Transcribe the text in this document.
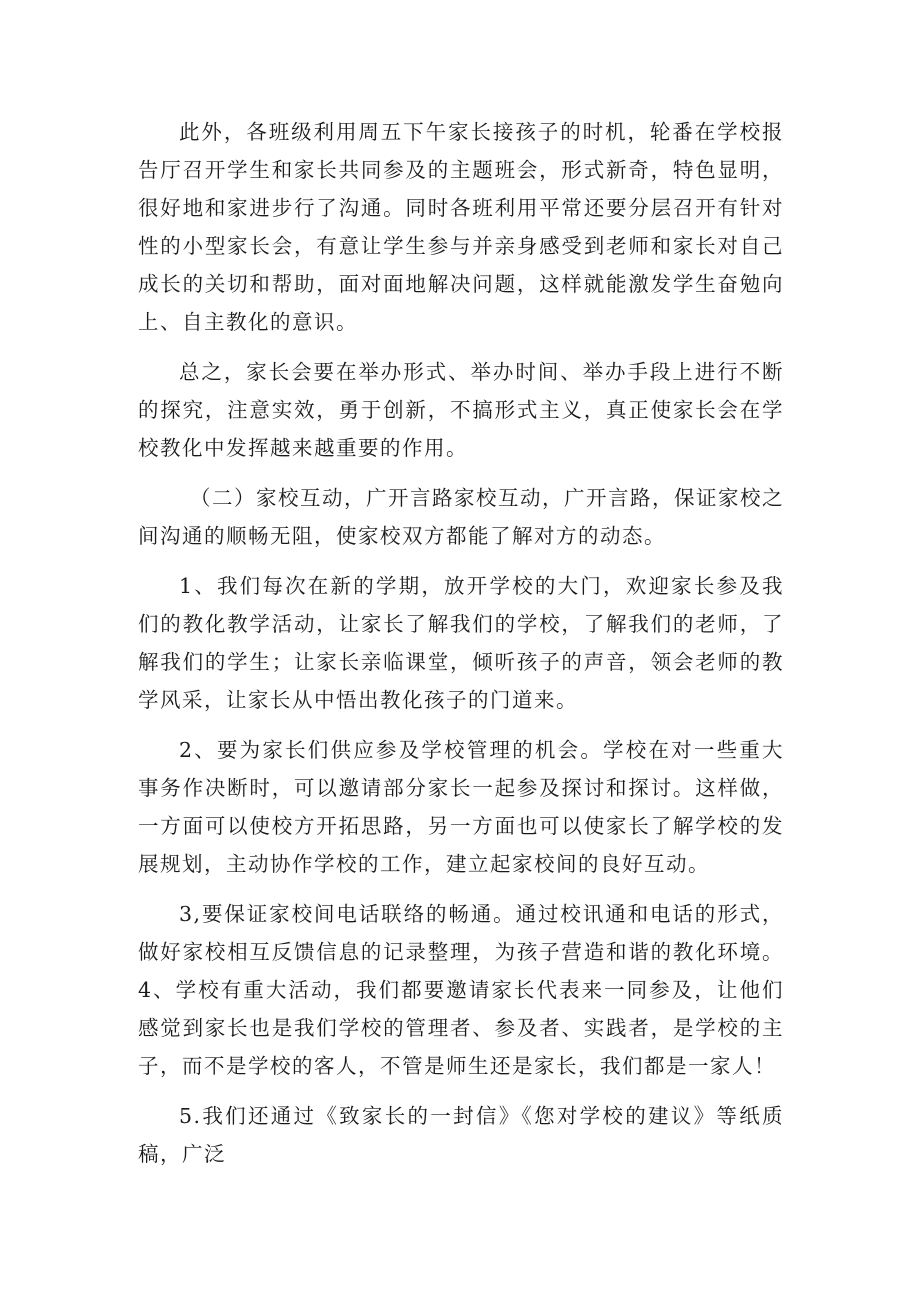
此外，各班级利用周五下午家长接孩子的时机，轮番在学校报告厅召开学生和家长共同参及的主题班会，形式新奇，特色显明，很好地和家进步行了沟通。同时各班利用平常还要分层召开有针对性的小型家长会，有意让学生参与并亲身感受到老师和家长对自己成长的关切和帮助，面对面地解决问题，这样就能激发学生奋勉向上、自主教化的意识。

总之，家长会要在举办形式、举办时间、举办手段上进行不断的探究，注意实效，勇于创新，不搞形式主义，真正使家长会在学校教化中发挥越来越重要的作用。

（二）家校互动，广开言路家校互动，广开言路，保证家校之间沟通的顺畅无阻，使家校双方都能了解对方的动态。

1、我们每次在新的学期，放开学校的大门，欢迎家长参及我们的教化教学活动，让家长了解我们的学校，了解我们的老师，了解我们的学生；让家长亲临课堂，倾听孩子的声音，领会老师的教学风采，让家长从中悟出教化孩子的门道来。

2、要为家长们供应参及学校管理的机会。学校在对一些重大事务作决断时，可以邀请部分家长一起参及探讨和探讨。这样做，一方面可以使校方开拓思路，另一方面也可以使家长了解学校的发展规划，主动协作学校的工作，建立起家校间的良好互动。

3,要保证家校间电话联络的畅通。通过校讯通和电话的形式，做好家校相互反馈信息的记录整理，为孩子营造和谐的教化环境。4、学校有重大活动，我们都要邀请家长代表来一同参及，让他们感觉到家长也是我们学校的管理者、参及者、实践者，是学校的主子，而不是学校的客人，不管是师生还是家长，我们都是一家人！

5.我们还通过《致家长的一封信》《您对学校的建议》等纸质稿，广泛
